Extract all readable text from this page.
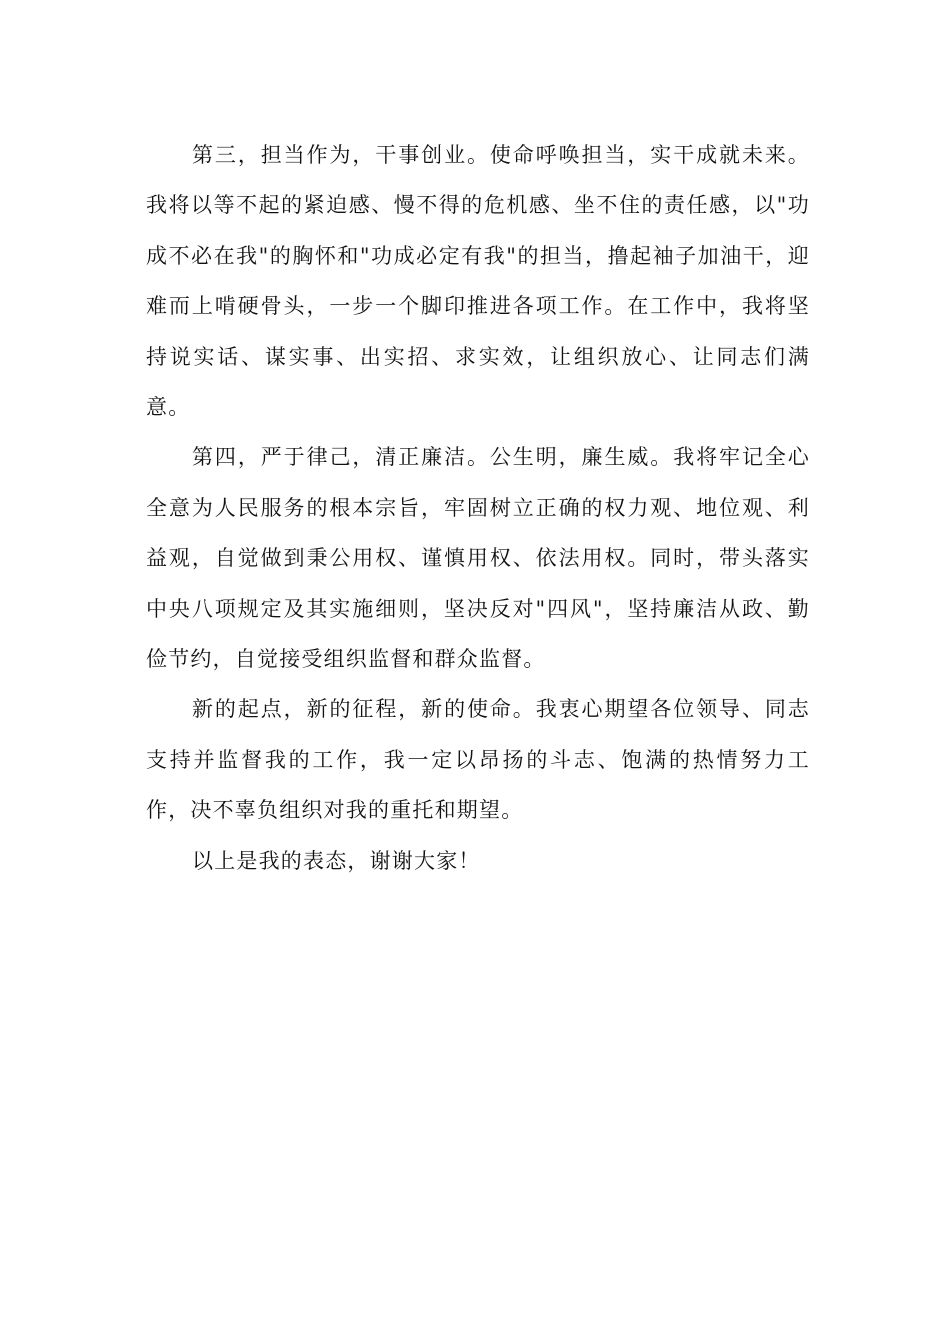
第三，担当作为，干事创业。使命呼唤担当，实干成就未来。我将以等不起的紧迫感、慢不得的危机感、坐不住的责任感，以"功成不必在我"的胸怀和"功成必定有我"的担当，撸起袖子加油干，迎难而上啃硬骨头，一步一个脚印推进各项工作。在工作中，我将坚持说实话、谋实事、出实招、求实效，让组织放心、让同志们满意。

第四，严于律己，清正廉洁。公生明，廉生威。我将牢记全心全意为人民服务的根本宗旨，牢固树立正确的权力观、地位观、利益观，自觉做到秉公用权、谨慎用权、依法用权。同时，带头落实中央八项规定及其实施细则，坚决反对"四风"，坚持廉洁从政、勤俭节约，自觉接受组织监督和群众监督。

新的起点，新的征程，新的使命。我衷心期望各位领导、同志支持并监督我的工作，我一定以昂扬的斗志、饱满的热情努力工作，决不辜负组织对我的重托和期望。

以上是我的表态，谢谢大家！
